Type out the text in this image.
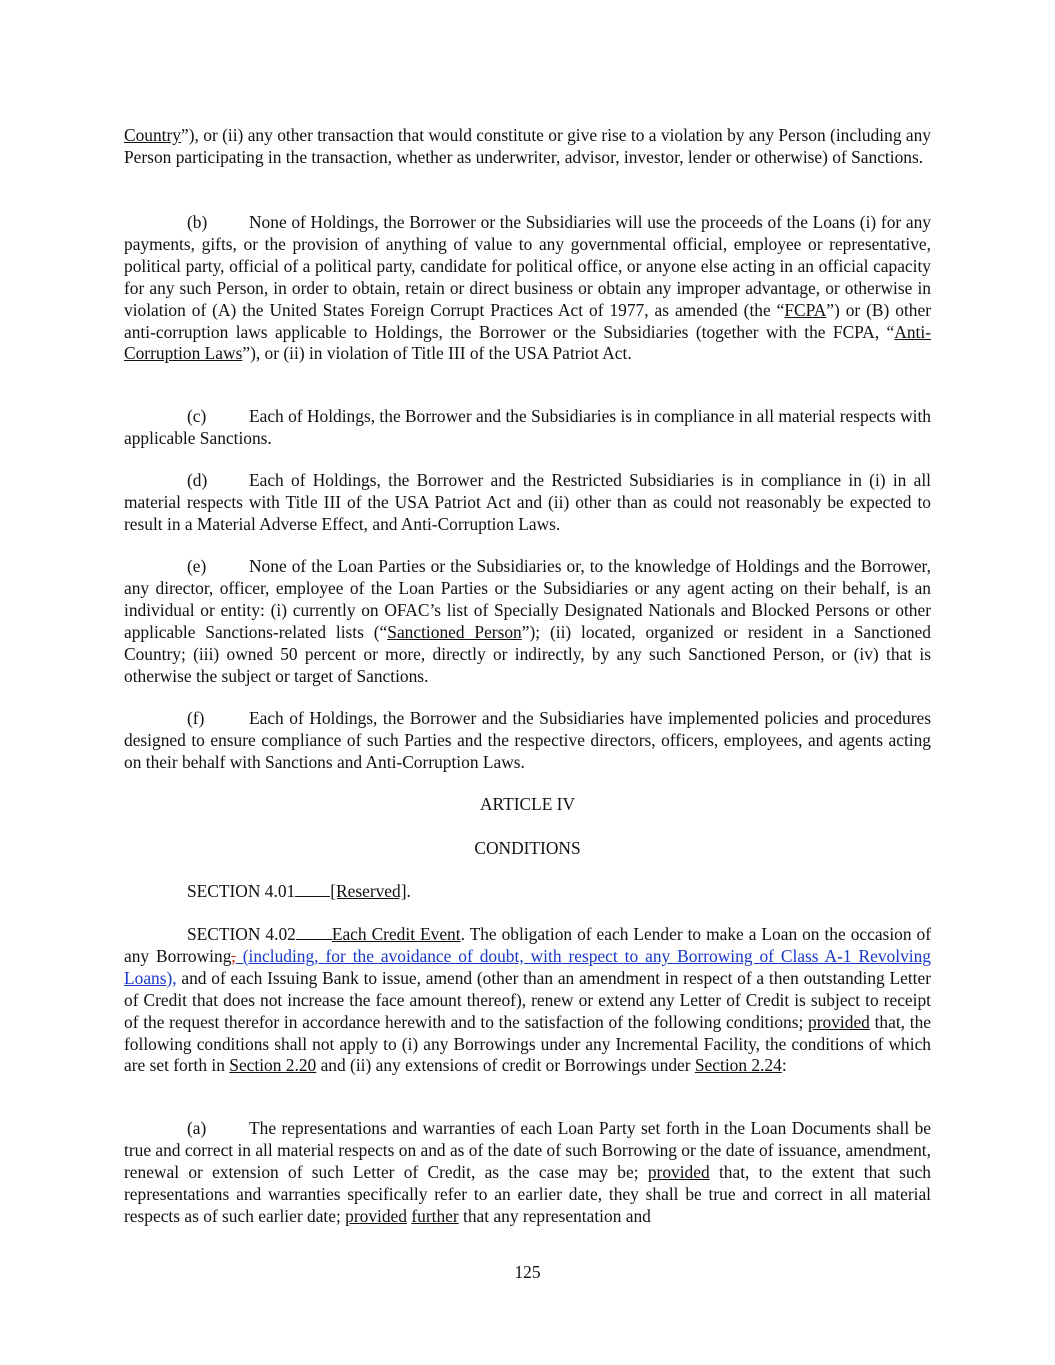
Country”), or (ii) any other transaction that would constitute or give rise to a violation by any Person (including any Person participating in the transaction, whether as underwriter, advisor, investor, lender or otherwise) of Sanctions.

(b) None of Holdings, the Borrower or the Subsidiaries will use the proceeds of the Loans (i) for any payments, gifts, or the provision of anything of value to any governmental official, employee or representative, political party, official of a political party, candidate for political office, or anyone else acting in an official capacity for any such Person, in order to obtain, retain or direct business or obtain any improper advantage, or otherwise in violation of (A) the United States Foreign Corrupt Practices Act of 1977, as amended (the “FCPA”) or (B) other anti-corruption laws applicable to Holdings, the Borrower or the Subsidiaries (together with the FCPA, “Anti-Corruption Laws”), or (ii) in violation of Title III of the USA Patriot Act.

(c) Each of Holdings, the Borrower and the Subsidiaries is in compliance in all material respects with applicable Sanctions.

(d) Each of Holdings, the Borrower and the Restricted Subsidiaries is in compliance in (i) in all material respects with Title III of the USA Patriot Act and (ii) other than as could not reasonably be expected to result in a Material Adverse Effect, and Anti-Corruption Laws.

(e) None of the Loan Parties or the Subsidiaries or, to the knowledge of Holdings and the Borrower, any director, officer, employee of the Loan Parties or the Subsidiaries or any agent acting on their behalf, is an individual or entity: (i) currently on OFAC’s list of Specially Designated Nationals and Blocked Persons or other applicable Sanctions-related lists (“Sanctioned Person”); (ii) located, organized or resident in a Sanctioned Country; (iii) owned 50 percent or more, directly or indirectly, by any such Sanctioned Person, or (iv) that is otherwise the subject or target of Sanctions.

(f)	Each of Holdings, the Borrower and the Subsidiaries have implemented policies and procedures designed to ensure compliance of such Parties and the respective directors, officers, employees, and agents acting on their behalf with Sanctions and Anti-Corruption Laws.

ARTICLE IV

CONDITIONS

SECTION 4.01 [Reserved].

SECTION 4.02 Each Credit Event. The obligation of each Lender to make a Loan on the occasion of any Borrowing, (including, for the avoidance of doubt, with respect to any Borrowing of Class A-1 Revolving Loans), and of each Issuing Bank to issue, amend (other than an amendment in respect of a then outstanding Letter of Credit that does not increase the face amount thereof), renew or extend any Letter of Credit is subject to receipt of the request therefor in accordance herewith and to the satisfaction of the following conditions; provided that, the following conditions shall not apply to (i) any Borrowings under any Incremental Facility, the conditions of which are set forth in Section 2.20 and (ii) any extensions of credit or Borrowings under Section 2.24:

(a) The representations and warranties of each Loan Party set forth in the Loan Documents shall be true and correct in all material respects on and as of the date of such Borrowing or the date of issuance, amendment, renewal or extension of such Letter of Credit, as the case may be; provided that, to the extent that such representations and warranties specifically refer to an earlier date, they shall be true and correct in all material respects as of such earlier date; provided further that any representation and

125
